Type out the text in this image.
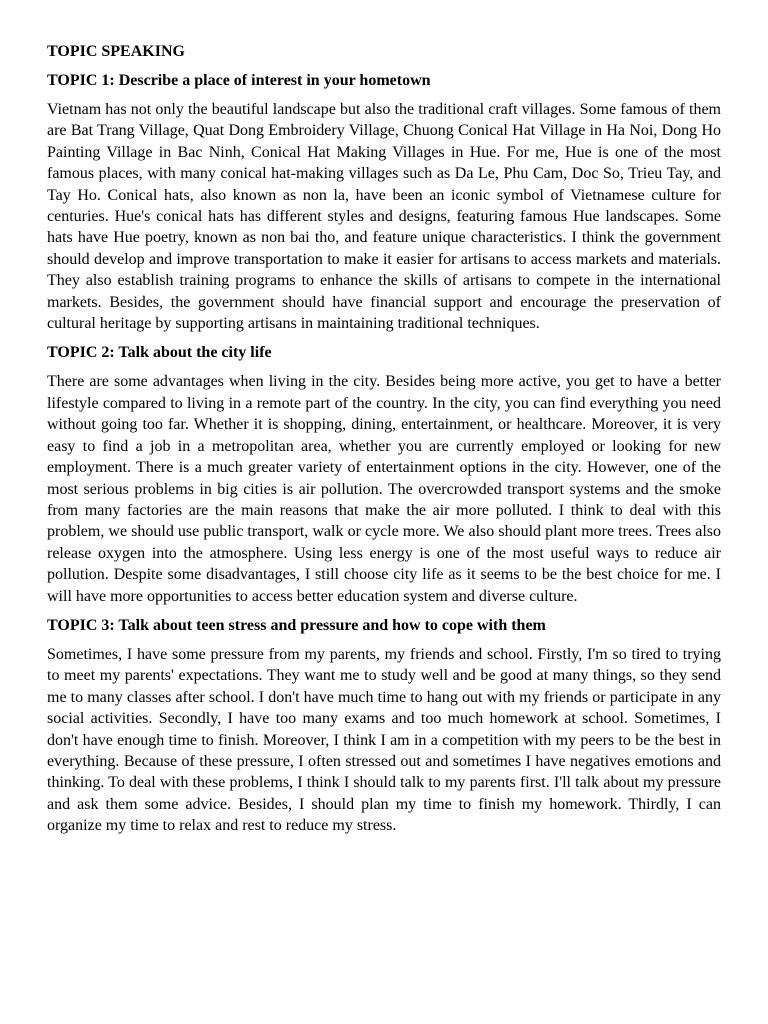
TOPIC SPEAKING
TOPIC 1: Describe a place of interest in your hometown

Vietnam has not only the beautiful landscape but also the traditional craft villages. Some famous of them are Bat Trang Village, Quat Dong Embroidery Village, Chuong Conical Hat Village in Ha Noi, Dong Ho Painting Village in Bac Ninh, Conical Hat Making Villages in Hue. For me, Hue is one of the most famous places, with many conical hat-making villages such as Da Le, Phu Cam, Doc So, Trieu Tay, and Tay Ho. Conical hats, also known as non la, have been an iconic symbol of Vietnamese culture for centuries. Hue's conical hats has different styles and designs, featuring famous Hue landscapes. Some hats have Hue poetry, known as non bai tho, and feature unique characteristics. I think the government should develop and improve transportation to make it easier for artisans to access markets and materials. They also establish training programs to enhance the skills of artisans to compete in the international markets. Besides, the government should have financial support and encourage the preservation of cultural heritage by supporting artisans in maintaining traditional techniques.

TOPIC 2: Talk about the city life

There are some advantages when living in the city. Besides being more active, you get to have a better lifestyle compared to living in a remote part of the country. In the city, you can find everything you need without going too far. Whether it is shopping, dining, entertainment, or healthcare. Moreover, it is very easy to find a job in a metropolitan area, whether you are currently employed or looking for new employment. There is a much greater variety of entertainment options in the city. However, one of the most serious problems in big cities is air pollution. The overcrowded transport systems and the smoke from many factories are the main reasons that make the air more polluted. I think to deal with this problem, we should use public transport, walk or cycle more. We also should plant more trees. Trees also release oxygen into the atmosphere. Using less energy is one of the most useful ways to reduce air pollution. Despite some disadvantages, I still choose city life as it seems to be the best choice for me. I will have more opportunities to access better education system and diverse culture.

TOPIC 3: Talk about teen stress and pressure and how to cope with them

Sometimes, I have some pressure from my parents, my friends and school. Firstly, I'm so tired to trying to meet my parents' expectations. They want me to study well and be good at many things, so they send me to many classes after school. I don't have much time to hang out with my friends or participate in any social activities. Secondly, I have too many exams and too much homework at school. Sometimes, I don't have enough time to finish. Moreover, I think I am in a competition with my peers to be the best in everything. Because of these pressure, I often stressed out and sometimes I have negatives emotions and thinking. To deal with these problems, I think I should talk to my parents first. I'll talk about my pressure and ask them some advice. Besides, I should plan my time to finish my homework. Thirdly, I can organize my time to relax and rest to reduce my stress.
